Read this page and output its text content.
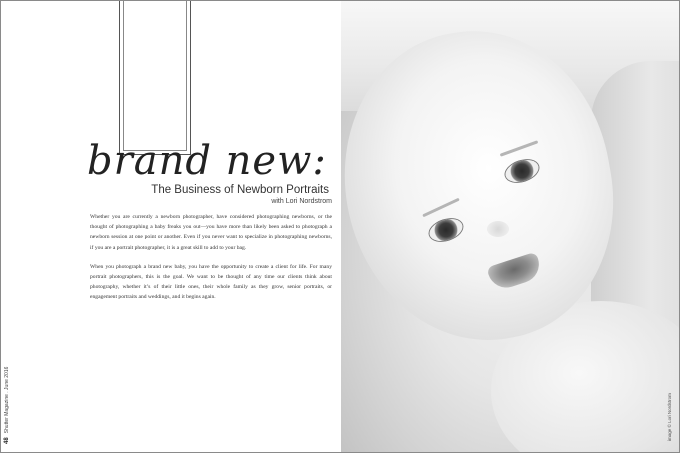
brand new:
The Business of Newborn Portraits
with Lori Nordstrom

Whether you are currently a newborn photographer, have considered photographing newborns, or the thought of photographing a baby freaks you out—you have more than likely been asked to photograph a newborn session at one point or another. Even if you never want to specialize in photographing newborns, if you are a portrait photographer, it is a great skill to add to your bag.

When you photograph a brand new baby, you have the opportunity to create a client for life. For many portrait photographers, this is the goal. We want to be thought of any time our clients think about photography, whether it’s of their little ones, their whole family as they grow, senior portraits, or engagement portraits and weddings, and it begins again.

48Shutter Magazine . June 2016	image © Lori Nordstrom
